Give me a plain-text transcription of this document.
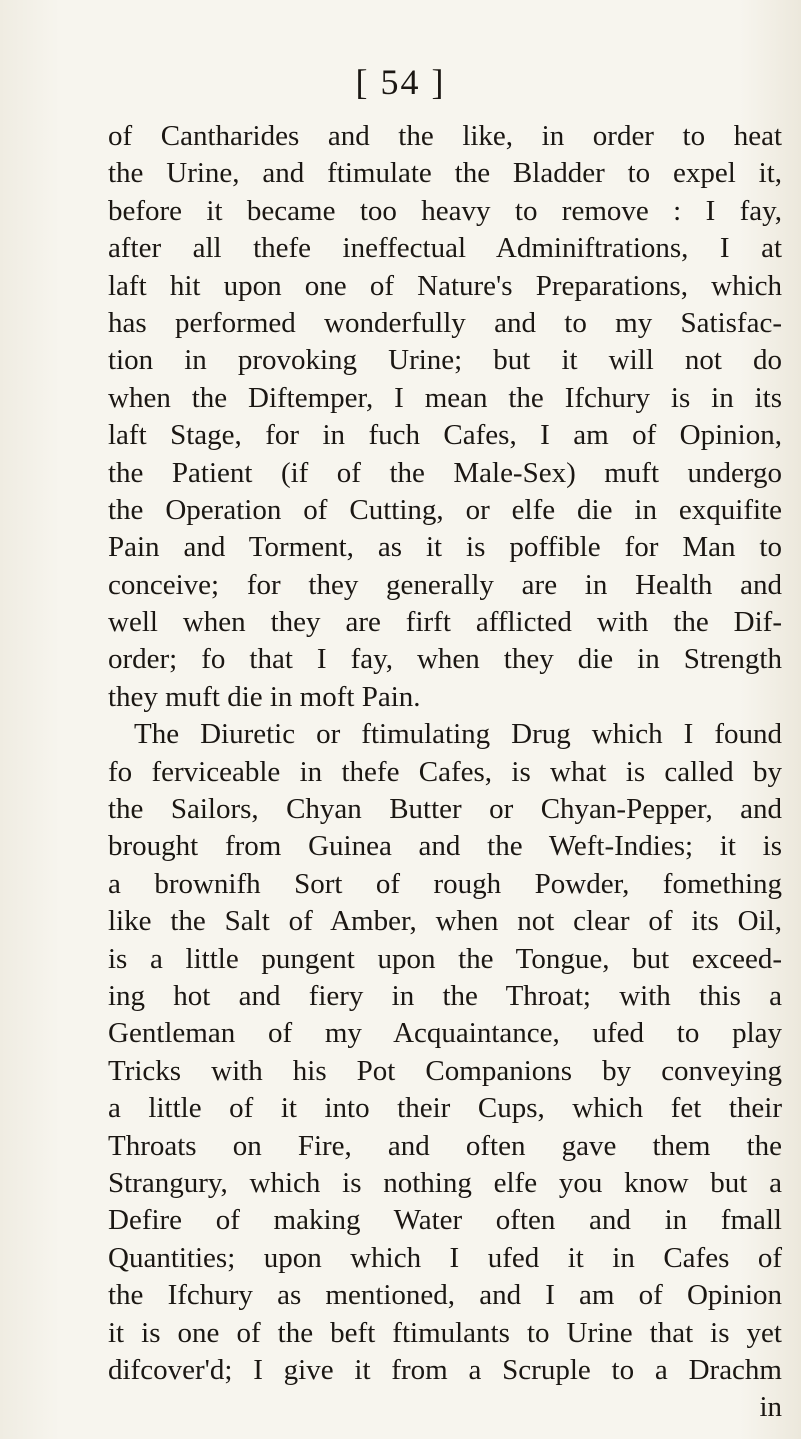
[ 54 ]
of Cantharides and the like, in order to heat
the Urine, and ftimulate the Bladder to expel it,
before it became too heavy to remove : I fay,
after all thefe ineffectual Adminiftrations, I at
laft hit upon one of Nature's Preparations, which
has performed wonderfully and to my Satisfac-
tion in provoking Urine; but it will not do
when the Diftemper, I mean the Ifchury is in its
laft Stage, for in fuch Cafes, I am of Opinion,
the Patient (if of the Male-Sex) muft undergo
the Operation of Cutting, or elfe die in exquifite
Pain and Torment, as it is poffible for Man to
conceive; for they generally are in Health and
well when they are firft afflicted with the Dif-
order; fo that I fay, when they die in Strength
they muft die in moft Pain.
The Diuretic or ftimulating Drug which I found
fo ferviceable in thefe Cafes, is what is called by
the Sailors, Chyan Butter or Chyan-Pepper, and
brought from Guinea and the Weft-Indies; it is
a brownifh Sort of rough Powder, fomething
like the Salt of Amber, when not clear of its Oil,
is a little pungent upon the Tongue, but exceed-
ing hot and fiery in the Throat; with this a
Gentleman of my Acquaintance, ufed to play
Tricks with his Pot Companions by conveying
a little of it into their Cups, which fet their
Throats on Fire, and often gave them the
Strangury, which is nothing elfe you know but a
Defire of making Water often and in fmall
Quantities; upon which I ufed it in Cafes of
the Ifchury as mentioned, and I am of Opinion
it is one of the beft ftimulants to Urine that is yet
difcover'd; I give it from a Scruple to a Drachm
in
